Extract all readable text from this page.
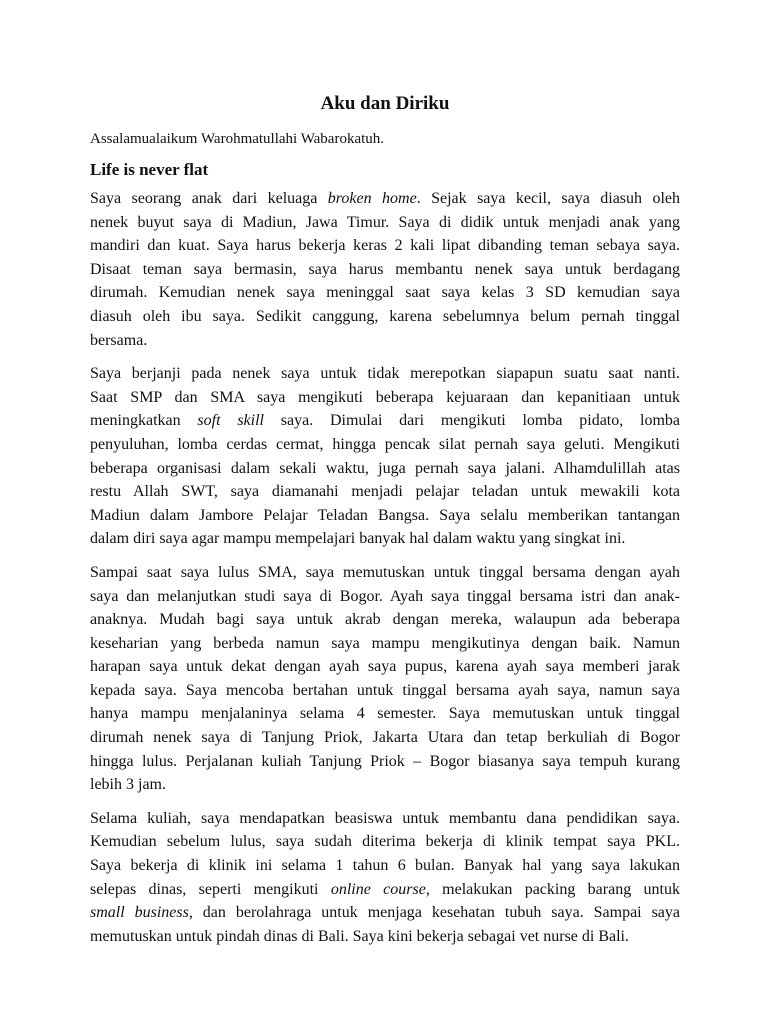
Aku dan Diriku

Assalamualaikum Warohmatullahi Wabarokatuh.

Life is never flat

Saya seorang anak dari keluaga broken home. Sejak saya kecil, saya diasuh oleh
nenek buyut saya di Madiun, Jawa Timur. Saya di didik untuk menjadi anak yang
mandiri dan kuat. Saya harus bekerja keras 2 kali lipat dibanding teman sebaya saya.
Disaat teman saya bermasin, saya harus membantu nenek saya untuk berdagang
dirumah. Kemudian nenek saya meninggal saat saya kelas 3 SD kemudian saya
diasuh oleh ibu saya. Sedikit canggung, karena sebelumnya belum pernah tinggal
bersama.

Saya berjanji pada nenek saya untuk tidak merepotkan siapapun suatu saat nanti.
Saat SMP dan SMA saya mengikuti beberapa kejuaraan dan kepanitiaan untuk
meningkatkan soft skill saya. Dimulai dari mengikuti lomba pidato, lomba
penyuluhan, lomba cerdas cermat, hingga pencak silat pernah saya geluti. Mengikuti
beberapa organisasi dalam sekali waktu, juga pernah saya jalani. Alhamdulillah atas
restu Allah SWT, saya diamanahi menjadi pelajar teladan untuk mewakili kota
Madiun dalam Jambore Pelajar Teladan Bangsa. Saya selalu memberikan tantangan
dalam diri saya agar mampu mempelajari banyak hal dalam waktu yang singkat ini.

Sampai saat saya lulus SMA, saya memutuskan untuk tinggal bersama dengan ayah
saya dan melanjutkan studi saya di Bogor. Ayah saya tinggal bersama istri dan anak-
anaknya. Mudah bagi saya untuk akrab dengan mereka, walaupun ada beberapa
keseharian yang berbeda namun saya mampu mengikutinya dengan baik. Namun
harapan saya untuk dekat dengan ayah saya pupus, karena ayah saya memberi jarak
kepada saya. Saya mencoba bertahan untuk tinggal bersama ayah saya, namun saya
hanya mampu menjalaninya selama 4 semester. Saya memutuskan untuk tinggal
dirumah nenek saya di Tanjung Priok, Jakarta Utara dan tetap berkuliah di Bogor
hingga lulus. Perjalanan kuliah Tanjung Priok – Bogor biasanya saya tempuh kurang
lebih 3 jam.

Selama kuliah, saya mendapatkan beasiswa untuk membantu dana pendidikan saya.
Kemudian sebelum lulus, saya sudah diterima bekerja di klinik tempat saya PKL.
Saya bekerja di klinik ini selama 1 tahun 6 bulan. Banyak hal yang saya lakukan
selepas dinas, seperti mengikuti online course, melakukan packing barang untuk
small business, dan berolahraga untuk menjaga kesehatan tubuh saya. Sampai saya
memutuskan untuk pindah dinas di Bali. Saya kini bekerja sebagai vet nurse di Bali.
